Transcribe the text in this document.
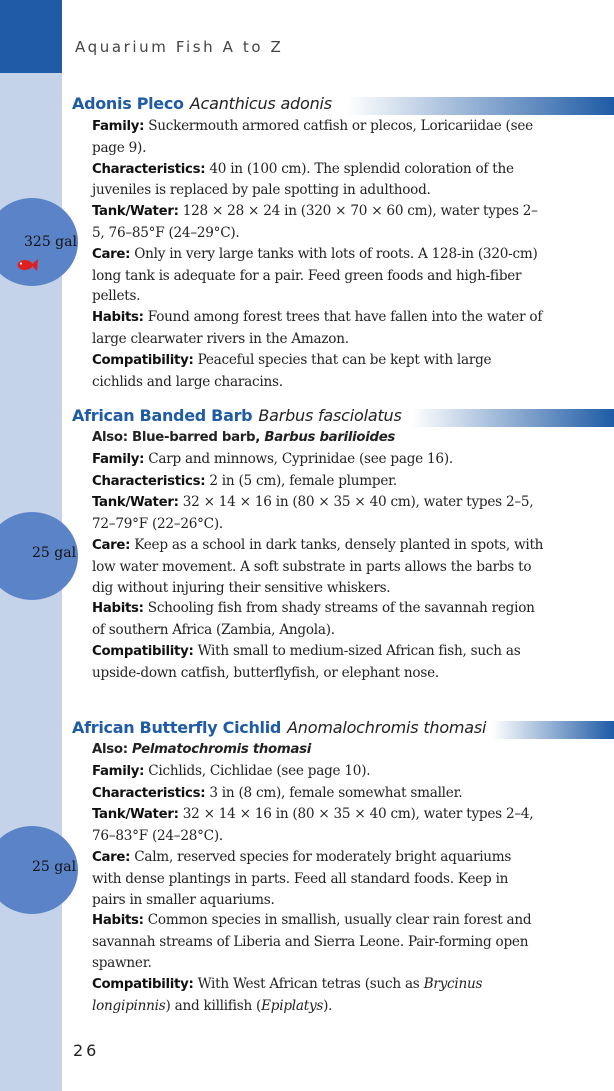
Aquarium Fish A to Z
325 gal
Adonis Pleco Acanthicus adonis

Family: Suckermouth armored catfish or plecos, Loricariidae (see page 9).

Characteristics: 40 in (100 cm). The splendid coloration of the juveniles is replaced by pale spotting in adulthood.

Tank/Water: 128 × 28 × 24 in (320 × 70 × 60 cm), water types 2–5, 76–85°F (24–29°C).

Care: Only in very large tanks with lots of roots. A 128-in (320-cm) long tank is adequate for a pair. Feed green foods and high-fiber pellets.

Habits: Found among forest trees that have fallen into the water of large clearwater rivers in the Amazon.

Compatibility: Peaceful species that can be kept with large cichlids and large characins.

25 gal
African Banded Barb Barbus fasciolatus

Also: Blue-barred barb, Barbus barilioides

Family: Carp and minnows, Cyprinidae (see page 16).

Characteristics: 2 in (5 cm), female plumper.

Tank/Water: 32 × 14 × 16 in (80 × 35 × 40 cm), water types 2–5, 72–79°F (22–26°C).

Care: Keep as a school in dark tanks, densely planted in spots, with low water movement. A soft substrate in parts allows the barbs to dig without injuring their sensitive whiskers.

Habits: Schooling fish from shady streams of the savannah region of southern Africa (Zambia, Angola).

Compatibility: With small to medium-sized African fish, such as upside-down catfish, butterflyfish, or elephant nose.

25 gal
African Butterfly Cichlid Anomalochromis thomasi

Also: Pelmatochromis thomasi

Family: Cichlids, Cichlidae (see page 10).

Characteristics: 3 in (8 cm), female somewhat smaller.

Tank/Water: 32 × 14 × 16 in (80 × 35 × 40 cm), water types 2–4, 76–83°F (24–28°C).

Care: Calm, reserved species for moderately bright aquariums with dense plantings in parts. Feed all standard foods. Keep in pairs in smaller aquariums.

Habits: Common species in smallish, usually clear rain forest and savannah streams of Liberia and Sierra Leone. Pair-forming open spawner.

Compatibility: With West African tetras (such as Brycinus longipinnis) and killifish (Epiplatys).

26
